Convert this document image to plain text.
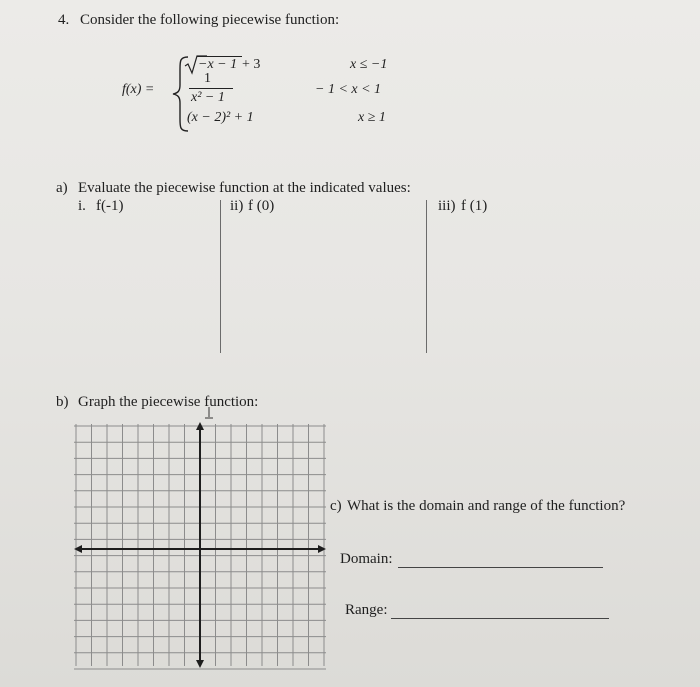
4. Consider the following piecewise function:
f(x) =
−x − 1 + 3	x ≤ −1
1
x² − 1
− 1 < x < 1
(x − 2)² + 1	x ≥ 1
a) Evaluate the piecewise function at the indicated values:
i. f(-1)	ii) f (0)	iii) f (1)
b) Graph the piecewise function:
c) What is the domain and range of the function?
Domain:
Range:
